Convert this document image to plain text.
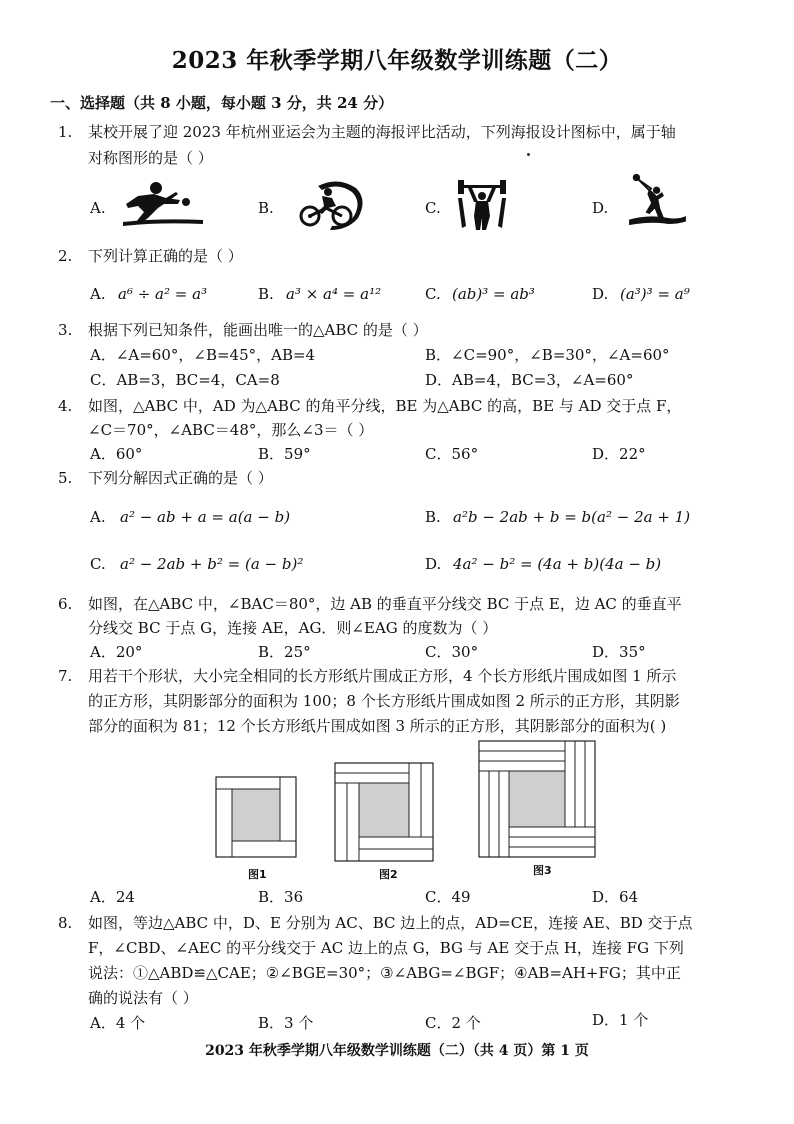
2023 年秋季学期八年级数学训练题（二）
一、选择题（共 8 小题，每小题 3 分，共 24 分）
1. 某校开展了迎 2023 年杭州亚运会为主题的海报评比活动，下列海报设计图标中，属于轴
对称图形的是（ ）
A.	B.	C.	D.
2. 下列计算正确的是（ ）
A. a⁶ ÷ a² = a³	B. a³ × a⁴ = a¹²	C. (ab)³ = ab³	D. (a³)³ = a⁹
3. 根据下列已知条件，能画出唯一的△ABC 的是（ ）
A．∠A=60°，∠B=45°，AB=4	B．∠C=90°，∠B=30°，∠A=60°
C．AB=3，BC=4，CA=8	D．AB=4，BC=3，∠A=60°
4. 如图，△ABC 中，AD 为△ABC 的角平分线，BE 为△ABC 的高，BE 与 AD 交于点 F，
∠C＝70°，∠ABC＝48°，那么∠3＝（ ）
A．60°	B．59°	C．56°	D．22°
5. 下列分解因式正确的是（ ）
A. a² − ab + a = a(a − b)	B. a²b − 2ab + b = b(a² − 2a + 1)
C. a² − 2ab + b² = (a − b)²	D. 4a² − b² = (4a + b)(4a − b)
6. 如图，在△ABC 中，∠BAC＝80°，边 AB 的垂直平分线交 BC 于点 E，边 AC 的垂直平
分线交 BC 于点 G，连接 AE，AG．则∠EAG 的度数为（ ）
A．20°	B．25°	C．30°	D．35°
7. 用若干个形状，大小完全相同的长方形纸片围成正方形，4 个长方形纸片围成如图 1 所示
的正方形，其阴影部分的面积为 100；8 个长方形纸片围成如图 2 所示的正方形，其阴影
部分的面积为 81；12 个长方形纸片围成如图 3 所示的正方形，其阴影部分的面积为( )
图1	图2	图3
A．24	B．36	C．49	D．64
8. 如图，等边△ABC 中，D、E 分别为 AC、BC 边上的点，AD=CE，连接 AE、BD 交于点
F，∠CBD、∠AEC 的平分线交于 AC 边上的点 G，BG 与 AE 交于点 H，连接 FG 下列
说法：①△ABD≌△CAE；②∠BGE=30°；③∠ABG=∠BGF；④AB=AH+FG；其中正
确的说法有（ ）
A．4 个	B．3 个	C．2 个	D．1 个
2023 年秋季学期八年级数学训练题（二）（共 4 页）第 1 页
